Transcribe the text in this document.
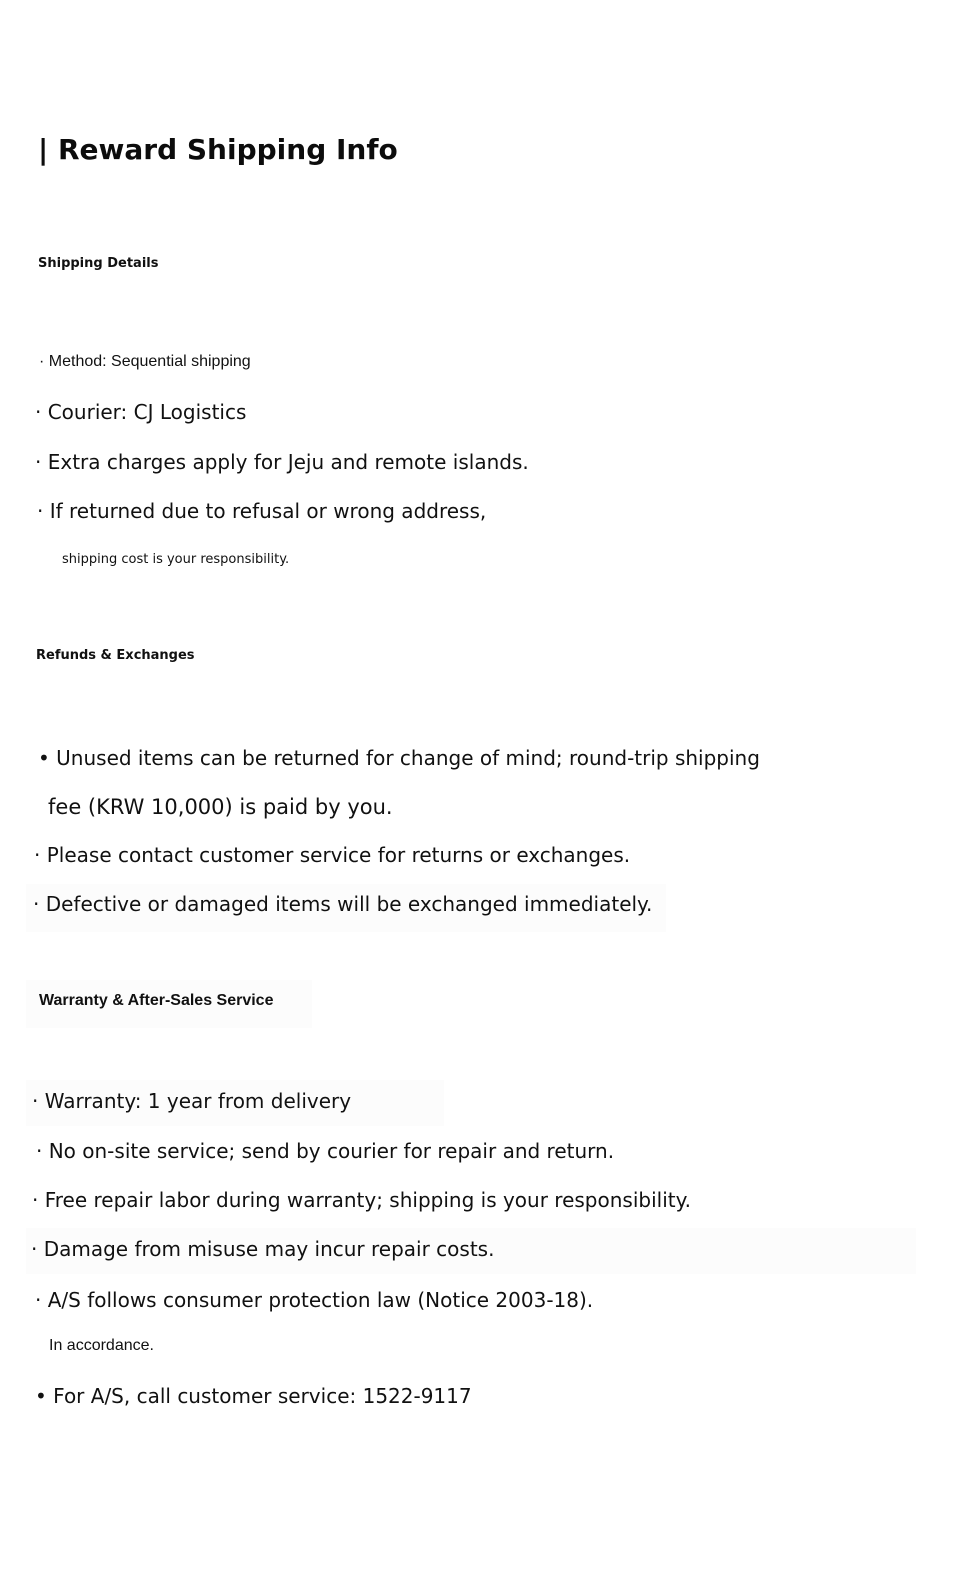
| Reward Shipping Info
Shipping Details
· Method: Sequential shipping
· Courier: CJ Logistics
· Extra charges apply for Jeju and remote islands.
· If returned due to refusal or wrong address,
shipping cost is your responsibility.
Refunds & Exchanges
• Unused items can be returned for change of mind; round-trip shipping
fee (KRW 10,000) is paid by you.
· Please contact customer service for returns or exchanges.
· Defective or damaged items will be exchanged immediately.
Warranty & After-Sales Service
· Warranty: 1 year from delivery
· No on-site service; send by courier for repair and return.
· Free repair labor during warranty; shipping is your responsibility.
· Damage from misuse may incur repair costs.
· A/S follows consumer protection law (Notice 2003-18).
In accordance.
• For A/S, call customer service: 1522-9117
